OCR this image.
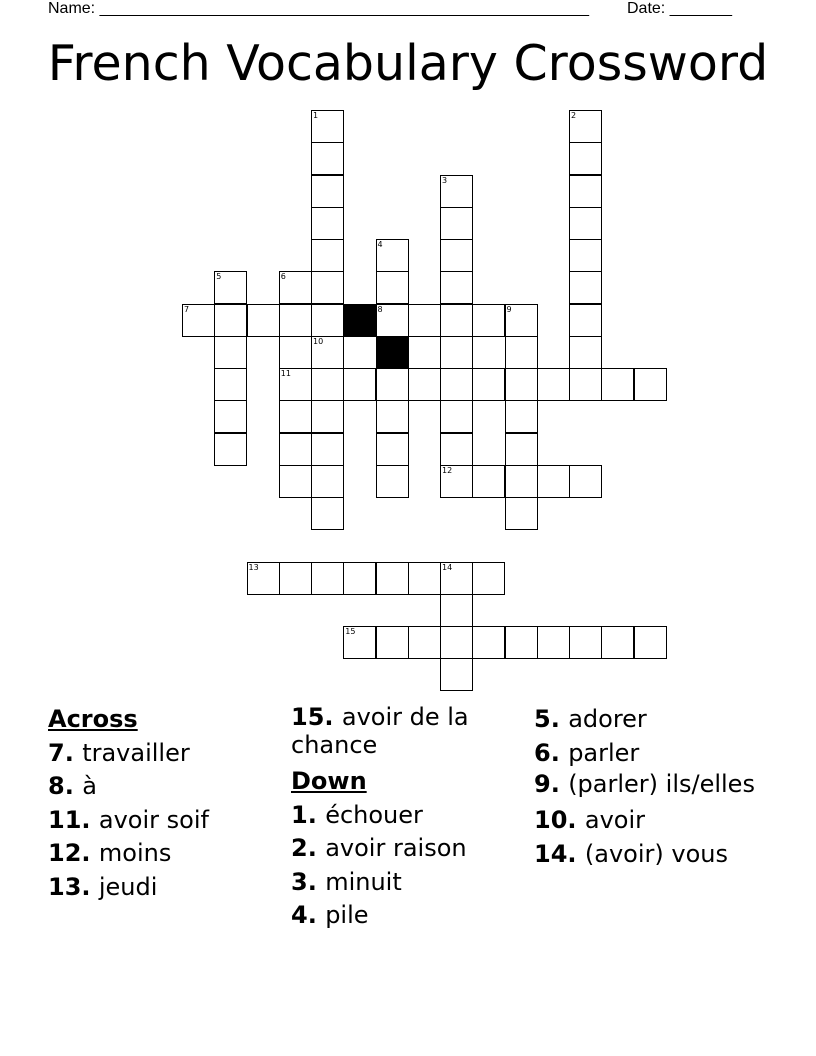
Name: _______________________________________________________ Date: _______
French Vocabulary Crossword
7	8	9
11
12
13	14
15
1
10
2
3
4
5	6
Across
7. travailler
8. à
11. avoir soif
12. moins
13. jeudi
15. avoir de la chance
Down
1. échouer
2. avoir raison
3. minuit
4. pile
5. adorer
6. parler
9. (parler) ils/elles
10. avoir
14. (avoir) vous
